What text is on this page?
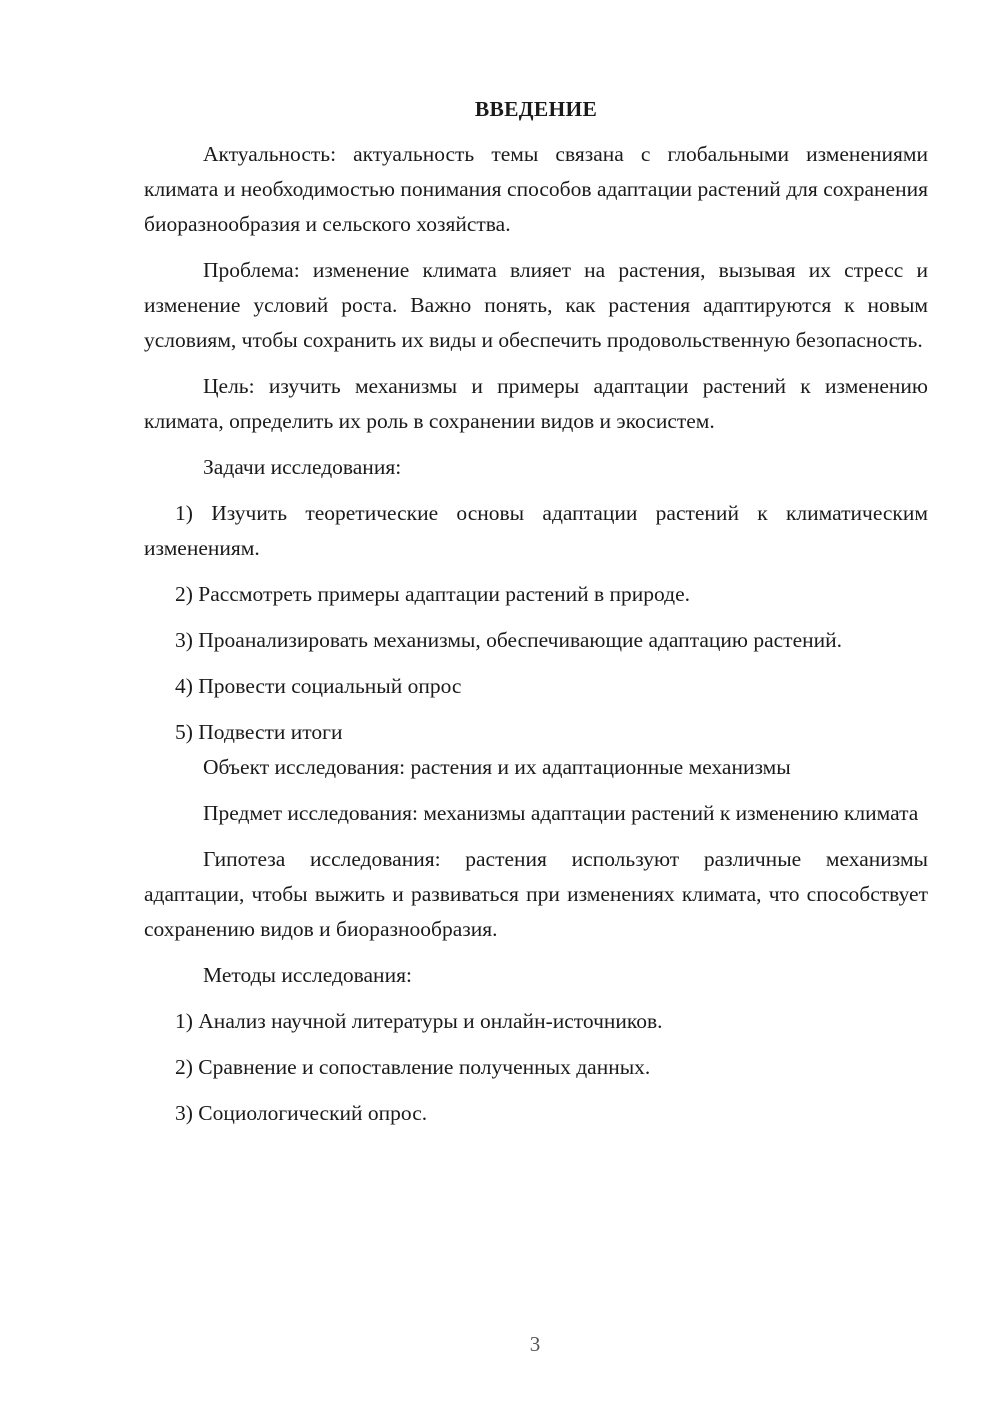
ВВЕДЕНИЕ

Актуальность: актуальность темы связана с глобальными изменениями климата и необходимостью понимания способов адаптации растений для сохранения биоразнообразия и сельского хозяйства.

Проблема: изменение климата влияет на растения, вызывая их стресс и изменение условий роста. Важно понять, как растения адаптируются к новым условиям, чтобы сохранить их виды и обеспечить продовольственную безопасность.

Цель: изучить механизмы и примеры адаптации растений к изменению климата, определить их роль в сохранении видов и экосистем.

Задачи исследования:

1) Изучить теоретические основы адаптации растений к климатическим изменениям.

2) Рассмотреть примеры адаптации растений в природе.

3) Проанализировать механизмы, обеспечивающие адаптацию растений.

4) Провести социальный опрос

5) Подвести итоги

Объект исследования: растения и их адаптационные механизмы

Предмет исследования: механизмы адаптации растений к изменению климата

Гипотеза исследования: растения используют различные механизмы адаптации, чтобы выжить и развиваться при изменениях климата, что способствует сохранению видов и биоразнообразия.

Методы исследования:

1) Анализ научной литературы и онлайн-источников.

2) Сравнение и сопоставление полученных данных.

3) Социологический опрос.

3
